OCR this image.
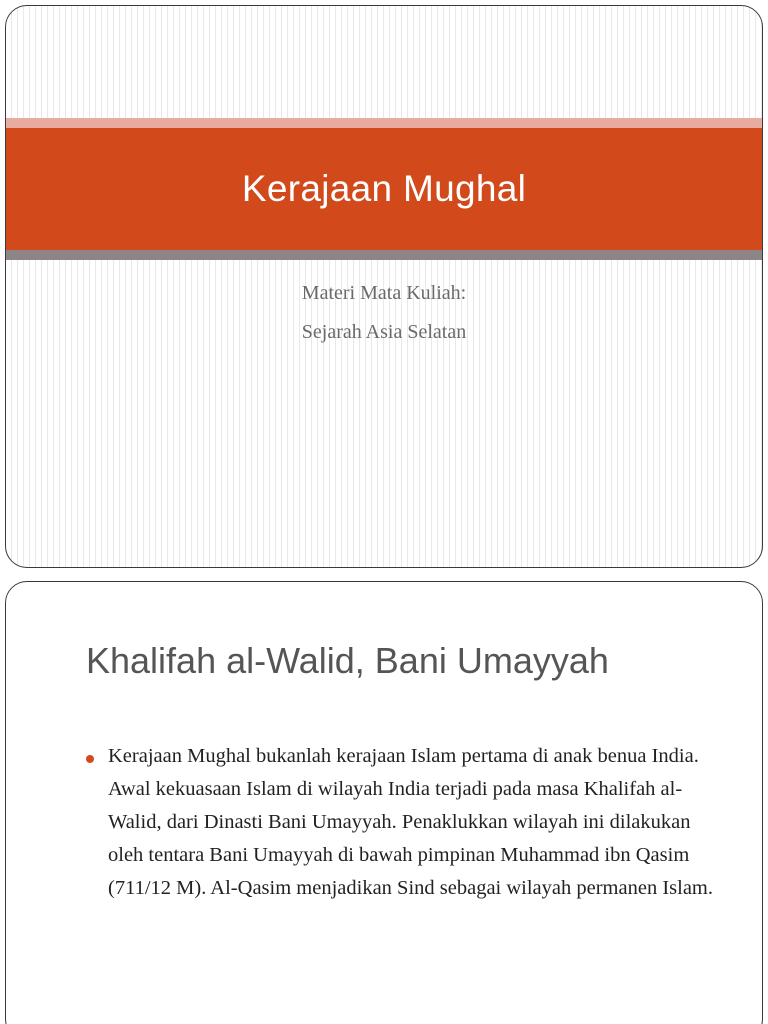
Kerajaan Mughal
Materi Mata Kuliah:
Sejarah Asia Selatan
Khalifah al-Walid, Bani Umayyah
Kerajaan Mughal bukanlah kerajaan Islam pertama di anak benua India. Awal kekuasaan Islam di wilayah India terjadi pada masa Khalifah al-Walid, dari Dinasti Bani Umayyah. Penaklukkan wilayah ini dilakukan oleh tentara Bani Umayyah di bawah pimpinan Muhammad ibn Qasim (711/12 M). Al-Qasim menjadikan Sind sebagai wilayah permanen Islam.
